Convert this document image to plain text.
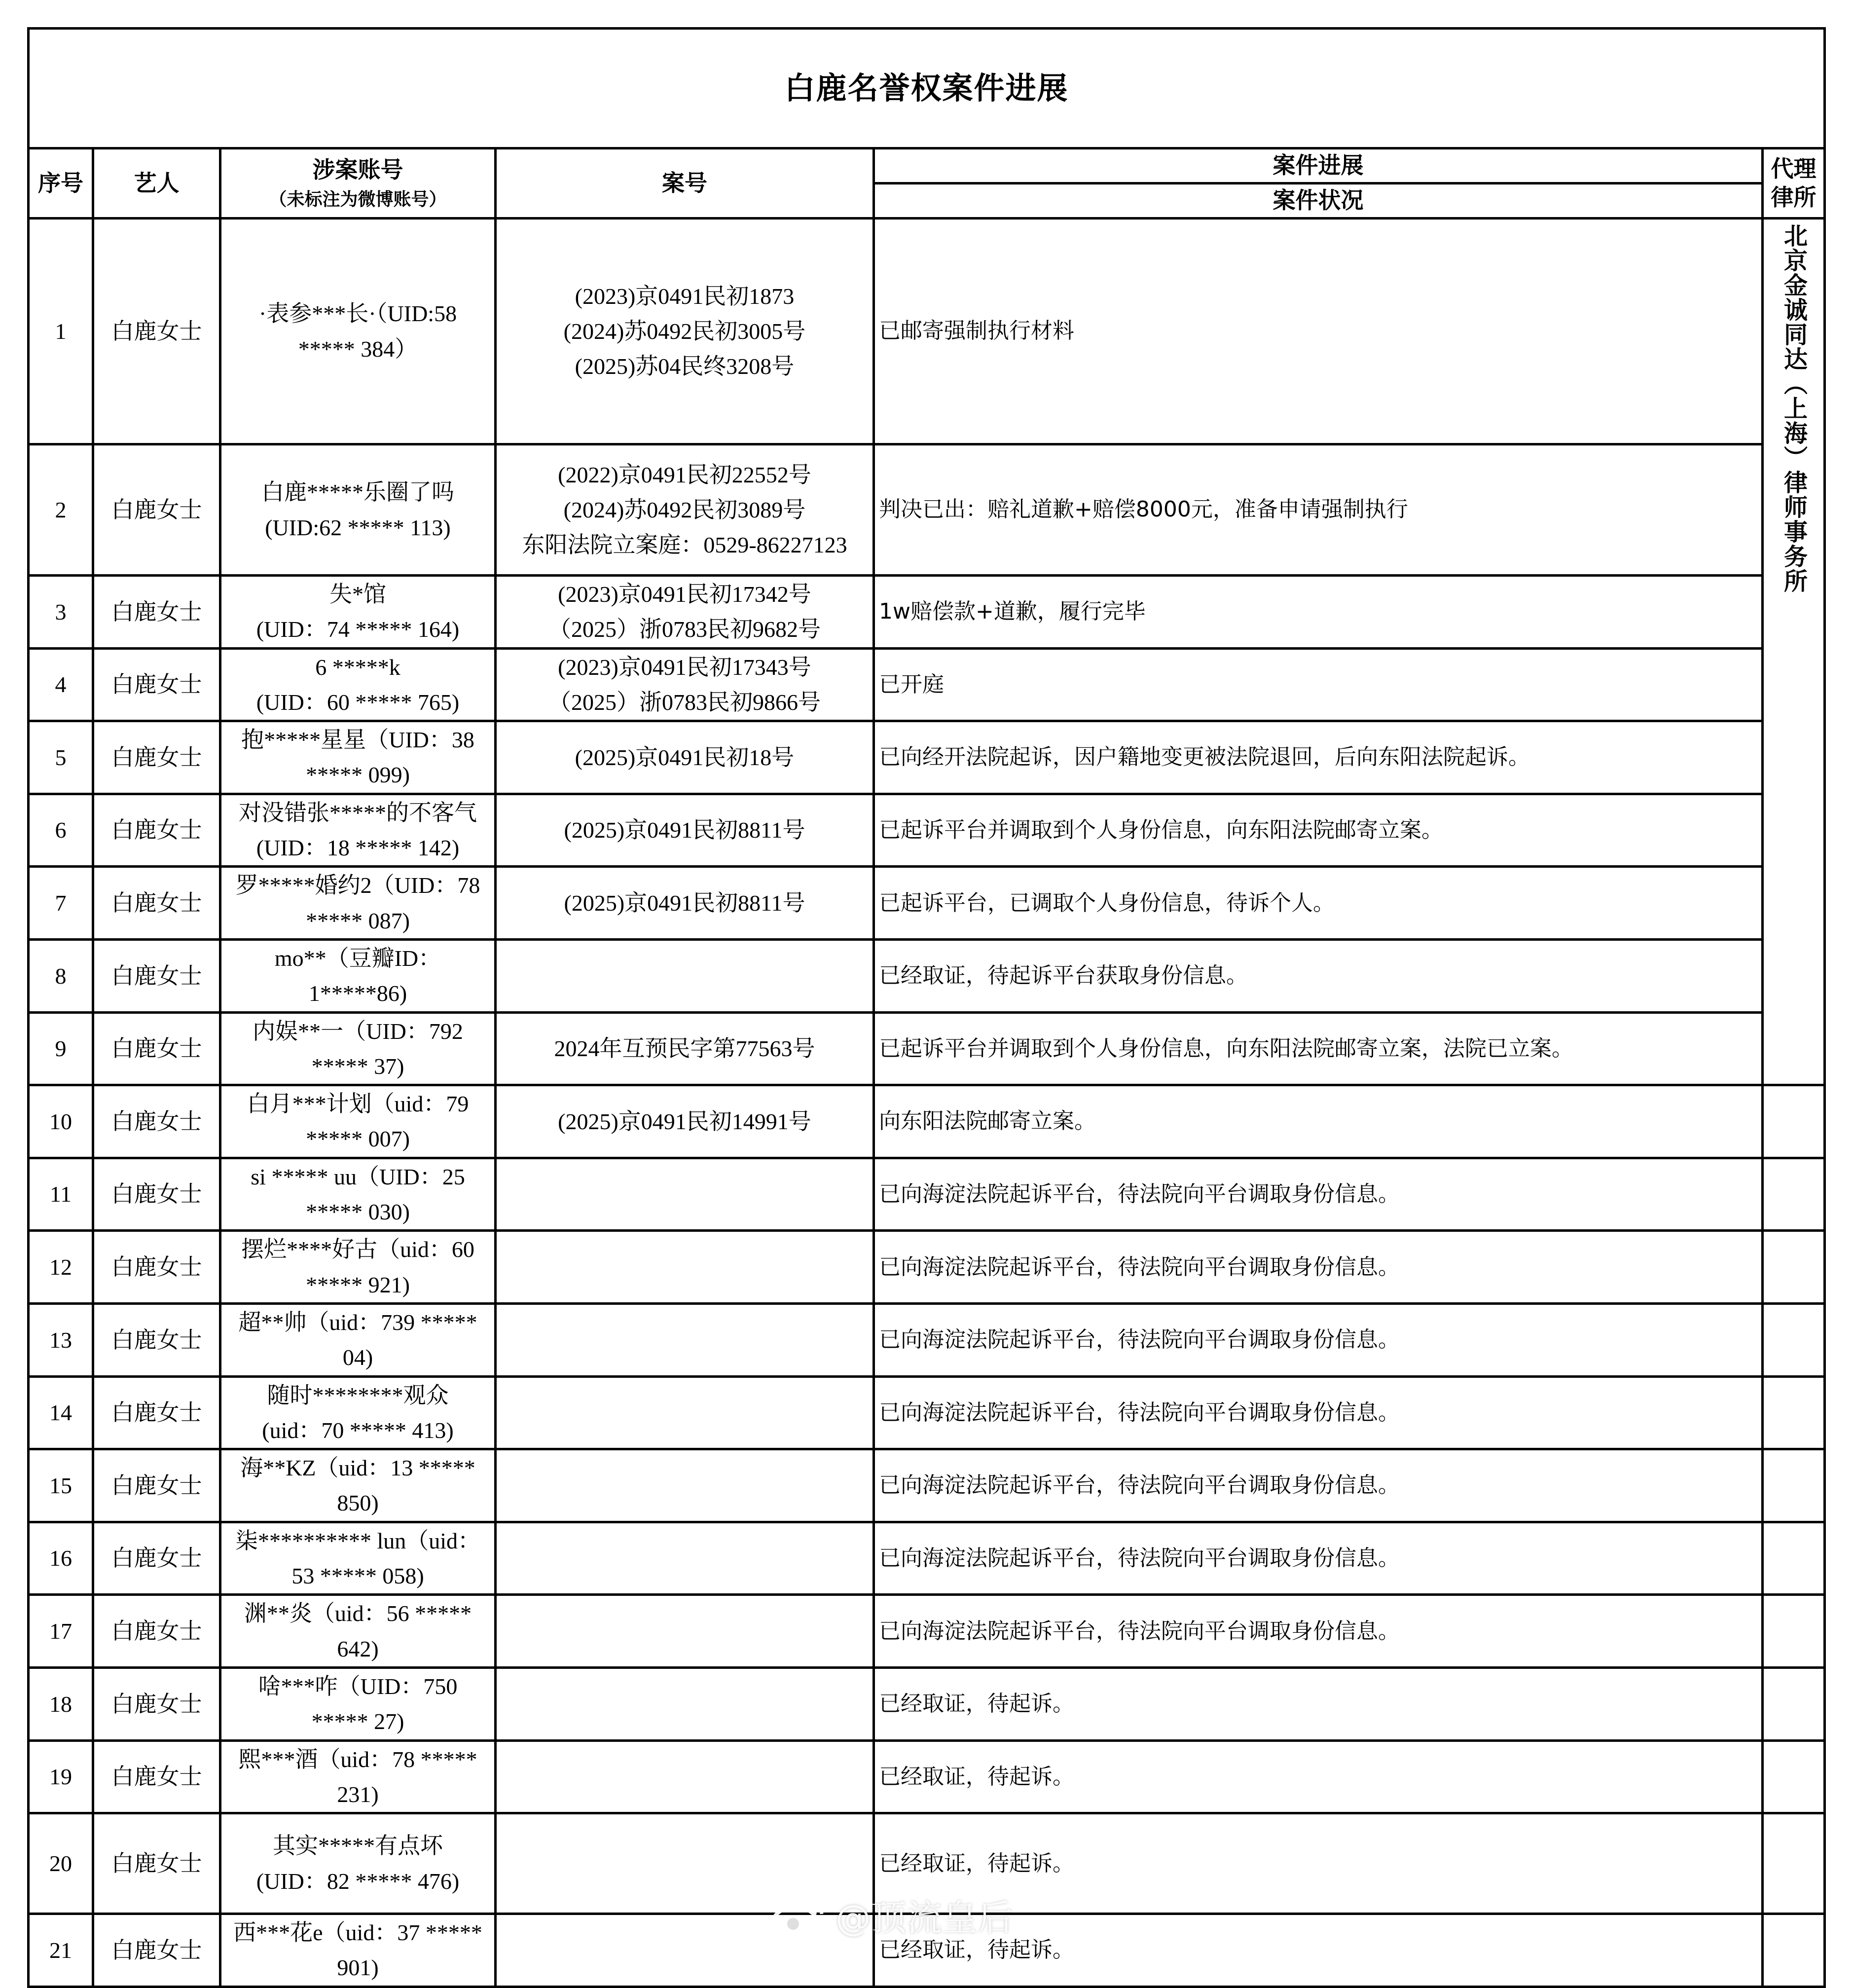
白鹿名誉权案件进展					
序号	艺人	涉案账号
（未标注为微博账号）	案号	案件进展	代理律所
				案件状况	
1	白鹿女士	·表参***长·（UID:58
***** 384）	(2023)京0491民初1873
(2024)苏0492民初3005号
(2025)苏04民终3208号	已邮寄强制执行材料	北京金诚同达（上海）律师事务所

2	白鹿女士	白鹿*****乐圈了吗
(UID:62 ***** 113)	(2022)京0491民初22552号
(2024)苏0492民初3089号
东阳法院立案庭：0529-86227123	判决已出：赔礼道歉+赔偿8000元，准备申请强制执行	
3	白鹿女士	失*馆
(UID：74 ***** 164)	(2023)京0491民初17342号
（2025）浙0783民初9682号	1w赔偿款+道歉，履行完毕	
4	白鹿女士	6 *****k
(UID：60 ***** 765)	(2023)京0491民初17343号
（2025）浙0783民初9866号	已开庭	
5	白鹿女士	抱*****星星（UID：38
***** 099)	(2025)京0491民初18号	已向经开法院起诉，因户籍地变更被法院退回，后向东阳法院起诉。	
6	白鹿女士	对没错张*****的不客气
(UID：18 ***** 142)	(2025)京0491民初8811号	已起诉平台并调取到个人身份信息，向东阳法院邮寄立案。	
7	白鹿女士	罗*****婚约2（UID：78
***** 087)	(2025)京0491民初8811号	已起诉平台，已调取个人身份信息，待诉个人。	
8	白鹿女士	mo**（豆瓣ID：
1*****86)		已经取证，待起诉平台获取身份信息。	
9	白鹿女士	内娱**一（UID：792
***** 37)	2024年互预民字第77563号	已起诉平台并调取到个人身份信息，向东阳法院邮寄立案，法院已立案。	
10	白鹿女士	白月***计划（uid：79
***** 007)	(2025)京0491民初14991号	向东阳法院邮寄立案。	
11	白鹿女士	si ***** uu（UID：25
***** 030)		已向海淀法院起诉平台，待法院向平台调取身份信息。	
12	白鹿女士	摆烂****好古（uid：60
***** 921)		已向海淀法院起诉平台，待法院向平台调取身份信息。	
13	白鹿女士	超**帅（uid：739 *****
04)		已向海淀法院起诉平台，待法院向平台调取身份信息。	
14	白鹿女士	随时********观众
(uid：70 ***** 413)		已向海淀法院起诉平台，待法院向平台调取身份信息。	
15	白鹿女士	海**KZ（uid：13 *****
850)		已向海淀法院起诉平台，待法院向平台调取身份信息。	
16	白鹿女士	柒********** lun（uid：
53 ***** 058)		已向海淀法院起诉平台，待法院向平台调取身份信息。	
17	白鹿女士	渊**炎（uid：56 *****
642)		已向海淀法院起诉平台，待法院向平台调取身份信息。	
18	白鹿女士	啥***咋（UID：750
***** 27)		已经取证，待起诉。	
19	白鹿女士	熙***酒（uid：78 *****
231)		已经取证，待起诉。	
20	白鹿女士	其实*****有点坏
(UID：82 ***** 476)		已经取证，待起诉。	
21	白鹿女士	西***花e（uid：37 *****
901)		已经取证，待起诉。	
@顶流皇后
